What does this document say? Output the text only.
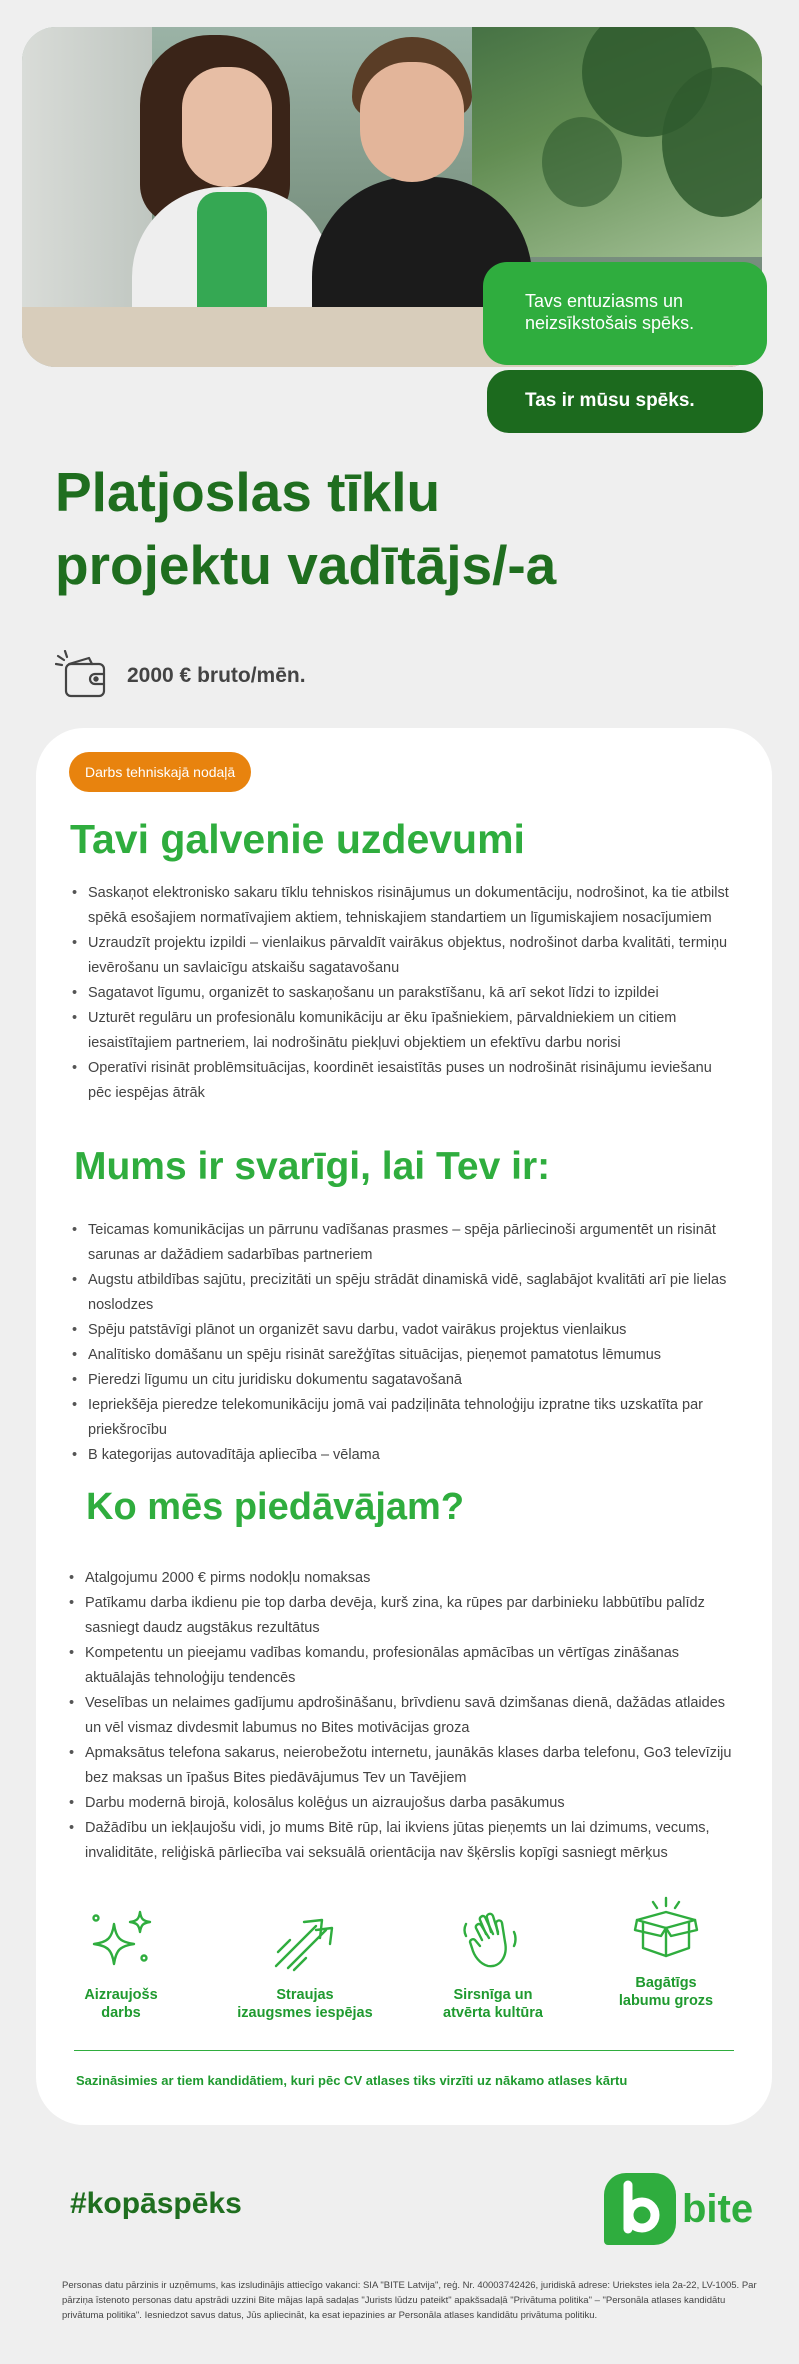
Tavs entuziasms un neizsīkstošais spēks.
Tas ir mūsu spēks.
Platjoslas tīklu
projektu vadītājs/-a
2000 € bruto/mēn.
Darbs tehniskajā nodaļā
Tavi galvenie uzdevumi
• Saskaņot elektronisko sakaru tīklu tehniskos risinājumus un dokumentāciju, nodrošinot, ka tie atbilst spēkā esošajiem normatīvajiem aktiem, tehniskajiem standartiem un līgumiskajiem nosacījumiem
• Uzraudzīt projektu izpildi – vienlaikus pārvaldīt vairākus objektus, nodrošinot darba kvalitāti, termiņu ievērošanu un savlaicīgu atskaišu sagatavošanu
• Sagatavot līgumu, organizēt to saskaņošanu un parakstīšanu, kā arī sekot līdzi to izpildei
• Uzturēt regulāru un profesionālu komunikāciju ar ēku īpašniekiem, pārvaldniekiem un citiem iesaistītajiem partneriem, lai nodrošinātu piekļuvi objektiem un efektīvu darbu norisi
• Operatīvi risināt problēmsituācijas, koordinēt iesaistītās puses un nodrošināt risinājumu ieviešanu pēc iespējas ātrāk
Mums ir svarīgi, lai Tev ir:
• Teicamas komunikācijas un pārrunu vadīšanas prasmes – spēja pārliecinoši argumentēt un risināt sarunas ar dažādiem sadarbības partneriem
• Augstu atbildības sajūtu, precizitāti un spēju strādāt dinamiskā vidē, saglabājot kvalitāti arī pie lielas noslodzes
• Spēju patstāvīgi plānot un organizēt savu darbu, vadot vairākus projektus vienlaikus
• Analītisko domāšanu un spēju risināt sarežģītas situācijas, pieņemot pamatotus lēmumus
• Pieredzi līgumu un citu juridisku dokumentu sagatavošanā
• Iepriekšēja pieredze telekomunikāciju jomā vai padziļināta tehnoloģiju izpratne tiks uzskatīta par priekšrocību
• B kategorijas autovadītāja apliecība – vēlama
Ko mēs piedāvājam?
• Atalgojumu 2000 € pirms nodokļu nomaksas
• Patīkamu darba ikdienu pie top darba devēja, kurš zina, ka rūpes par darbinieku labbūtību palīdz sasniegt daudz augstākus rezultātus
• Kompetentu un pieejamu vadības komandu, profesionālas apmācības un vērtīgas zināšanas aktuālajās tehnoloģiju tendencēs
• Veselības un nelaimes gadījumu apdrošināšanu, brīvdienu savā dzimšanas dienā, dažādas atlaides un vēl vismaz divdesmit labumus no Bites motivācijas groza
• Apmaksātus telefona sakarus, neierobežotu internetu, jaunākās klases darba telefonu, Go3 televīziju bez maksas un īpašus Bites piedāvājumus Tev un Tavējiem
• Darbu modernā birojā, kolosālus kolēģus un aizraujošus darba pasākumus
• Dažādību un iekļaujošu vidi, jo mums Bitē rūp, lai ikviens jūtas pieņemts un lai dzimums, vecums, invaliditāte, reliģiskā pārliecība vai seksuālā orientācija nav šķērslis kopīgi sasniegt mērķus
Aizraujošs
darbs
Straujas
izaugsmes iespējas
Sirsnīga un
atvērta kultūra
Bagātīgs
labumu grozs
Sazināsimies ar tiem kandidātiem, kuri pēc CV atlases tiks virzīti uz nākamo atlases kārtu
#kopāspēks	bite

Personas datu pārzinis ir uzņēmums, kas izsludinājis attiecīgo vakanci: SIA "BITE Latvija", reģ. Nr. 40003742426, juridiskā adrese: Uriekstes iela 2a-22, LV-1005. Par pārziņa īstenoto personas datu apstrādi uzzini Bite mājas lapā sadaļas "Jurists lūdzu pateikt" apakšsadaļā "Privātuma politika" – "Personāla atlases kandidātu privātuma politika". Iesniedzot savus datus, Jūs apliecināt, ka esat iepazinies ar Personāla atlases kandidātu privātuma politiku.
